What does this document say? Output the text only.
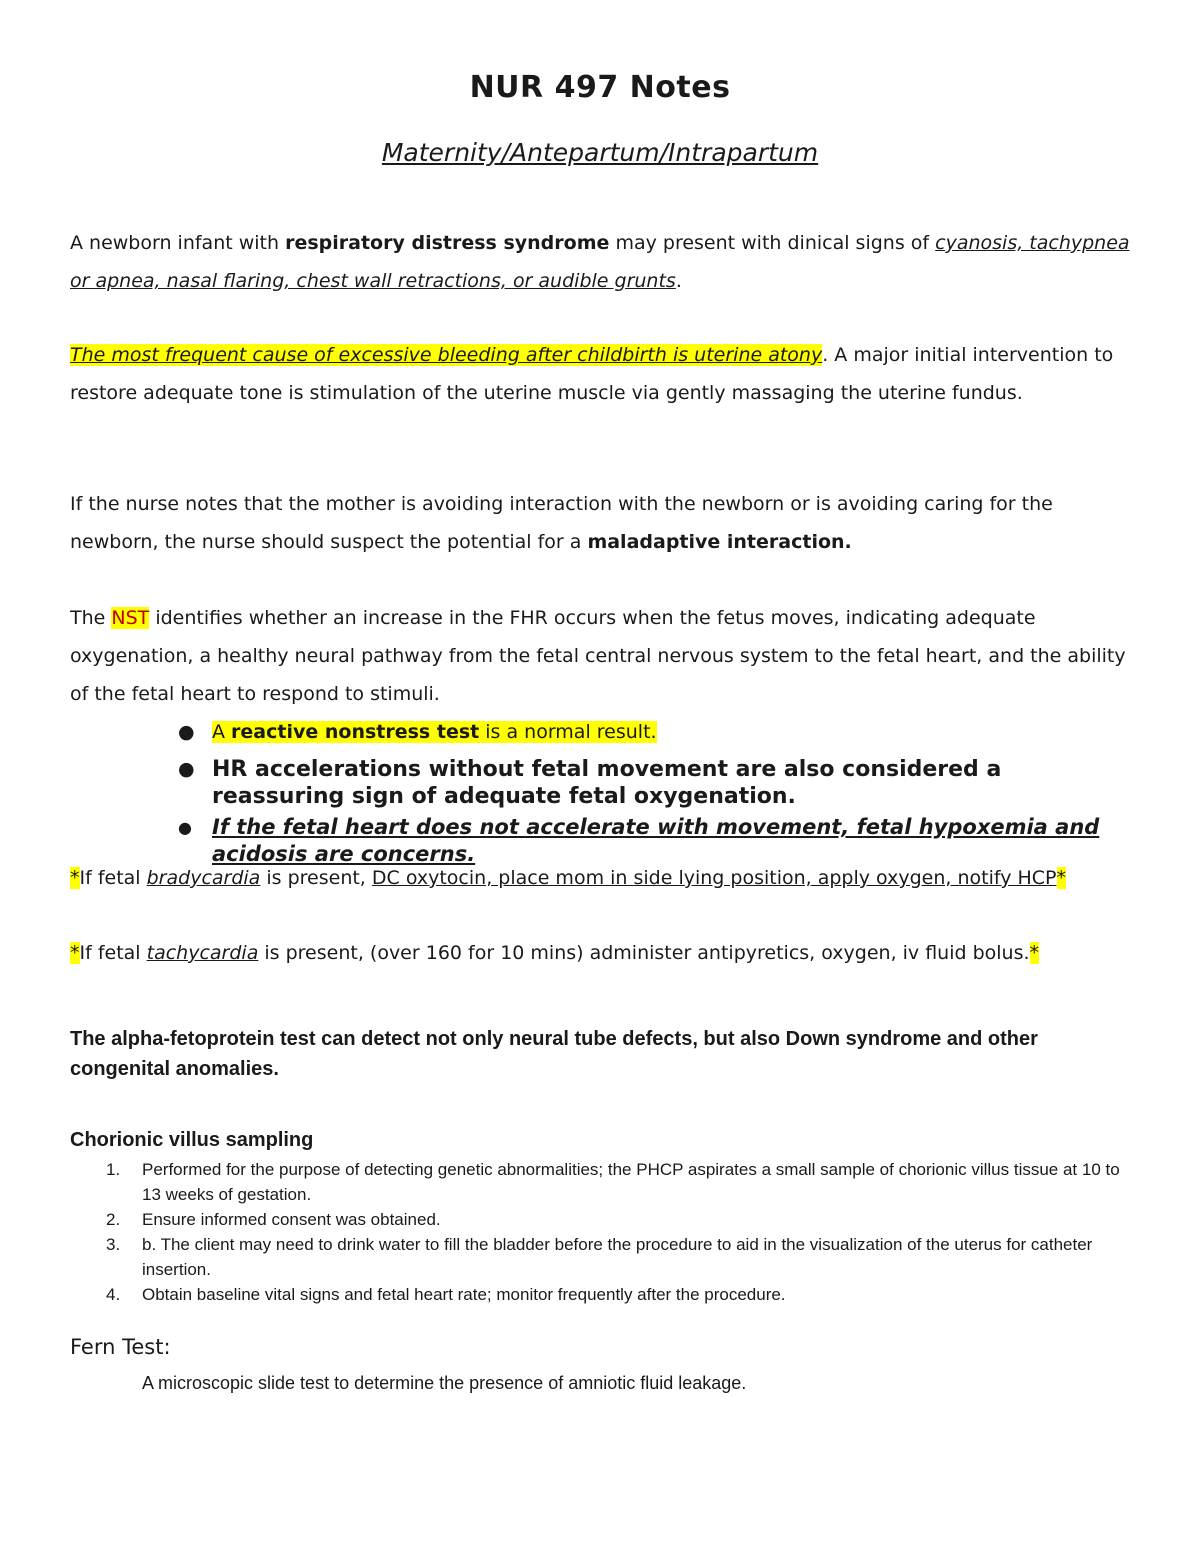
NUR 497 Notes
Maternity/Antepartum/Intrapartum
A newborn infant with respiratory distress syndrome may present with dinical signs of cyanosis, tachypnea or apnea, nasal flaring, chest wall retractions, or audible grunts.
The most frequent cause of excessive bleeding after childbirth is uterine atony. A major initial intervention to restore adequate tone is stimulation of the uterine muscle via gently massaging the uterine fundus.
If the nurse notes that the mother is avoiding interaction with the newborn or is avoiding caring for the newborn, the nurse should suspect the potential for a maladaptive interaction.
The NST identifies whether an increase in the FHR occurs when the fetus moves, indicating adequate oxygenation, a healthy neural pathway from the fetal central nervous system to the fetal heart, and the ability of the fetal heart to respond to stimuli.
● A reactive nonstress test is a normal result.
● HR accelerations without fetal movement are also considered a reassuring sign of adequate fetal oxygenation.
● If the fetal heart does not accelerate with movement, fetal hypoxemia and acidosis are concerns.
*If fetal bradycardia is present, DC oxytocin, place mom in side lying position, apply oxygen, notify HCP*
*If fetal tachycardia is present, (over 160 for 10 mins) administer antipyretics, oxygen, iv fluid bolus.*
The alpha-fetoprotein test can detect not only neural tube defects, but also Down syndrome and other congenital anomalies.
Chorionic villus sampling
1. Performed for the purpose of detecting genetic abnormalities; the PHCP aspirates a small sample of chorionic villus tissue at 10 to 13 weeks of gestation.
2. Ensure informed consent was obtained.
3. b. The client may need to drink water to fill the bladder before the procedure to aid in the visualization of the uterus for catheter insertion.
4. Obtain baseline vital signs and fetal heart rate; monitor frequently after the procedure.
Fern Test:
A microscopic slide test to determine the presence of amniotic fluid leakage.
